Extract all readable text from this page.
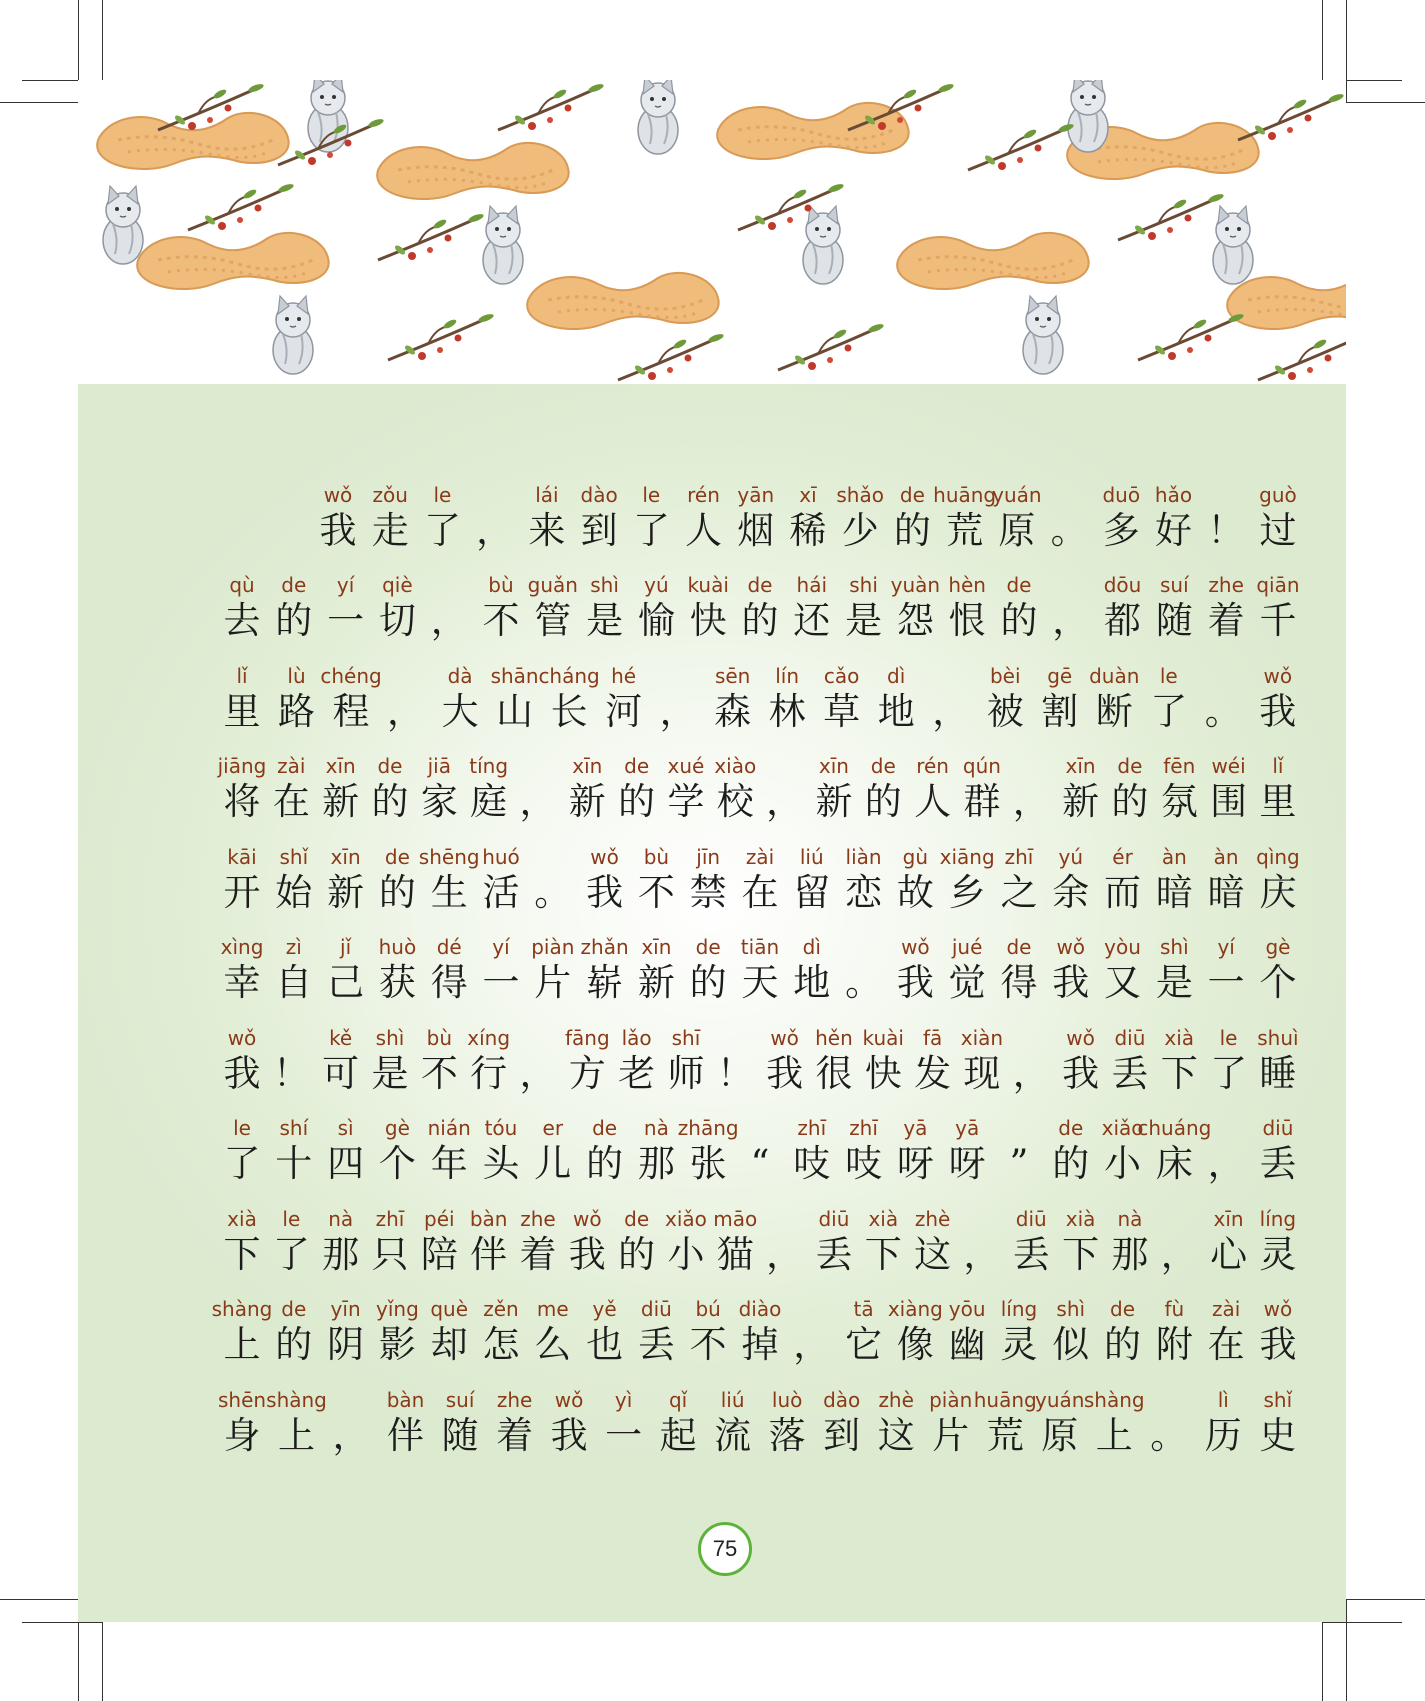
wǒ
我
zǒu
走
le
了 ，
lái
来
dào
到
le
了
rén
人
yān
烟
xī
稀
shǎo
少
de
的
huāng
荒
yuán
原 。
duō
多
hǎo
好 ！
guò
过
qù
去
de
的
yí
一
qiè
切 ，
bù
不
guǎn
管
shì
是
yú
愉
kuài
快
de
的
hái
还
shi
是
yuàn
怨
hèn
恨
de
的 ，
dōu
都
suí
随
zhe
着
qiān
千
lǐ
里
lù
路
chéng
程 ，
dà
大
shān
山
cháng
长
hé
河 ，
sēn
森
lín
林
cǎo
草
dì
地 ，
bèi
被
gē
割
duàn
断
le
了 。
wǒ
我
jiāng
将
zài
在
xīn
新
de
的
jiā
家
tíng
庭 ，
xīn
新
de
的
xué
学
xiào
校 ，
xīn
新
de
的
rén
人
qún
群 ，
xīn
新
de
的
fēn
氛
wéi
围
lǐ
里
kāi
开
shǐ
始
xīn
新
de
的
shēng
生
huó
活 。
wǒ
我
bù
不
jīn
禁
zài
在
liú
留
liàn
恋
gù
故
xiāng
乡
zhī
之
yú
余
ér
而
àn
暗
àn
暗
qìng
庆
xìng
幸
zì
自
jǐ
己
huò
获
dé
得
yí
一
piàn
片
zhǎn
崭
xīn
新
de
的
tiān
天
dì
地 。
wǒ
我
jué
觉
de
得
wǒ
我
yòu
又
shì
是
yí
一
gè
个
wǒ
我 ！
kě
可
shì
是
bù
不
xíng
行 ，
fāng
方
lǎo
老
shī
师 ！
wǒ
我
hěn
很
kuài
快
fā
发
xiàn
现 ，
wǒ
我
diū
丢
xià
下
le
了
shuì
睡
le
了
shí
十
sì
四
gè
个
nián
年
tóu
头
er
儿
de
的
nà
那
zhāng
张 “
zhī
吱
zhī
吱
yā
呀
yā
呀 ”
de
的
xiǎo
小
chuáng
床 ，
diū
丢
xià
下
le
了
nà
那
zhī
只
péi
陪
bàn
伴
zhe
着
wǒ
我
de
的
xiǎo
小
māo
猫 ，
diū
丢
xià
下
zhè
这 ，
diū
丢
xià
下
nà
那 ，
xīn
心
líng
灵
shàng
上
de
的
yīn
阴
yǐng
影
què
却
zěn
怎
me
么
yě
也
diū
丢
bú
不
diào
掉 ，
tā
它
xiàng
像
yōu
幽
líng
灵
shì
似
de
的
fù
附
zài
在
wǒ
我
shēn
身
shàng
上 ，
bàn
伴
suí
随
zhe
着
wǒ
我
yì
一
qǐ
起
liú
流
luò
落
dào
到
zhè
这
piàn
片
huāng
荒
yuán
原
shàng
上 。
lì
历
shǐ
史
75
